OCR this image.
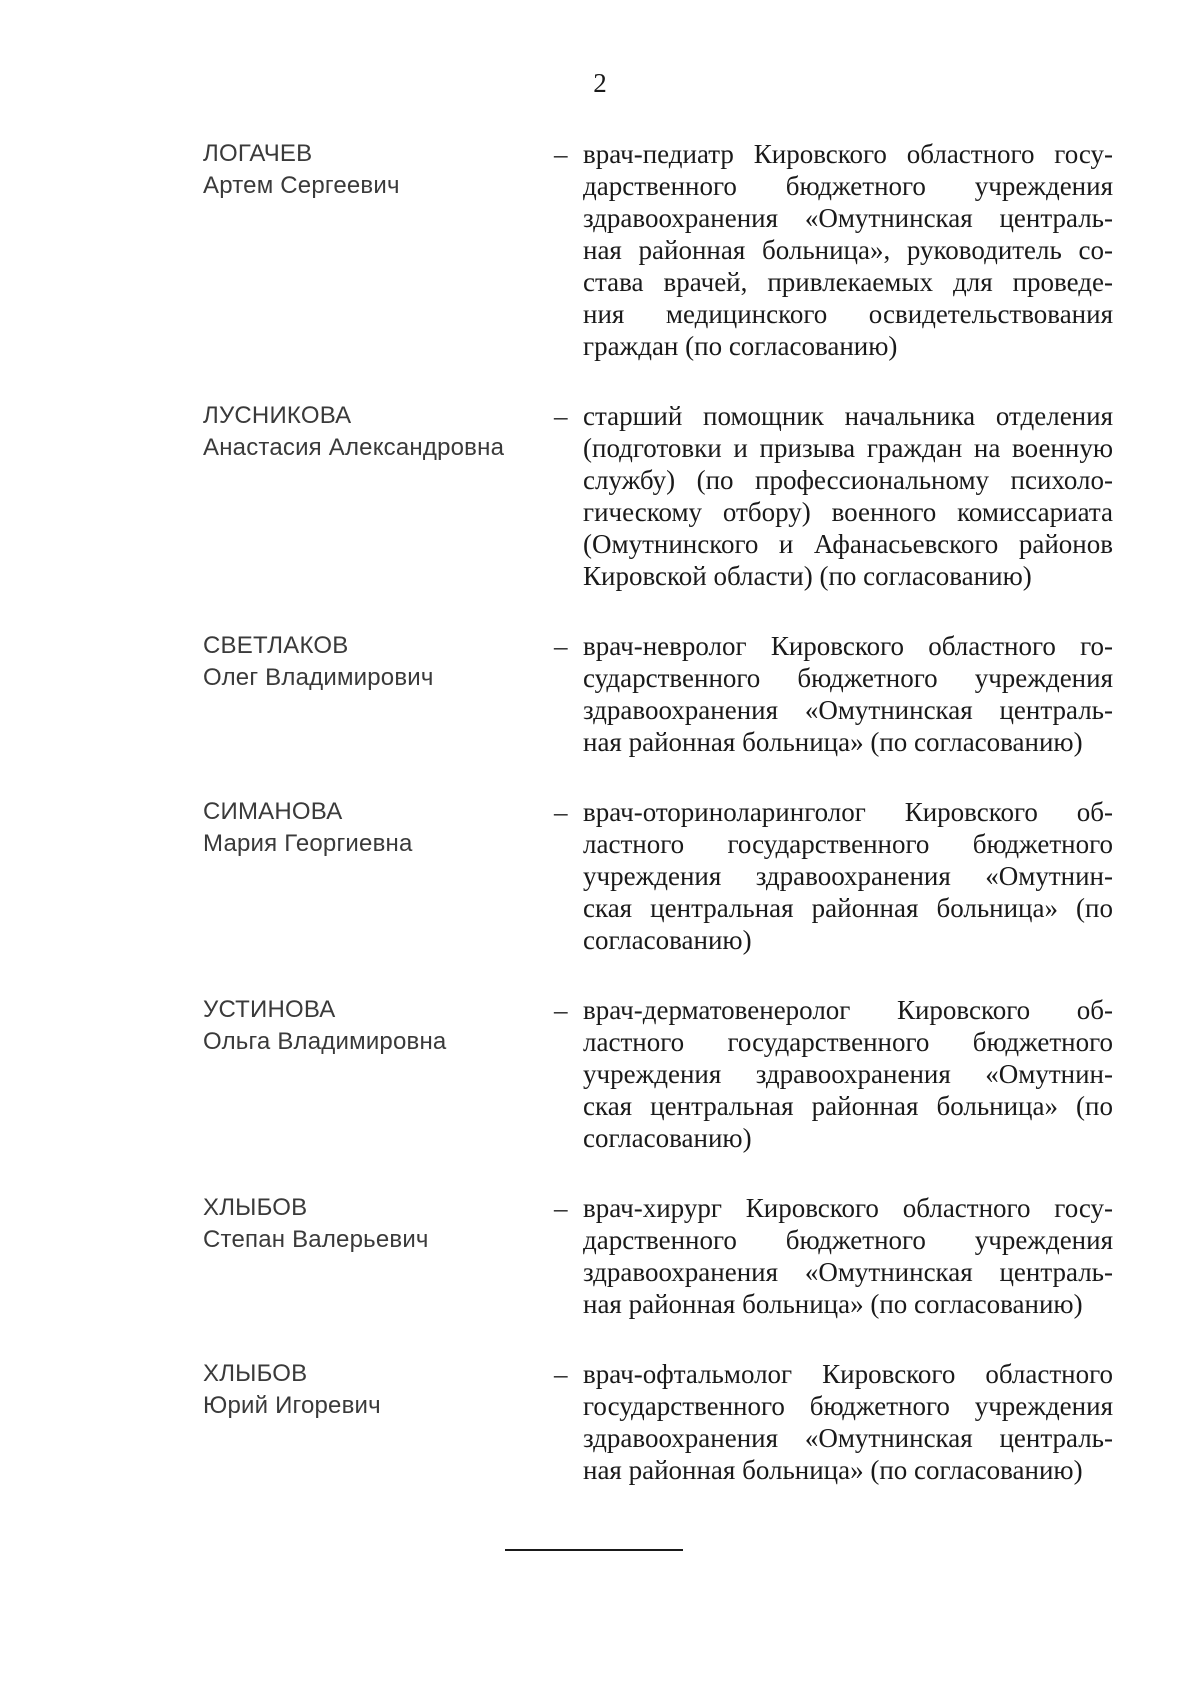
2
ЛОГАЧЕВ
Артем Сергеевич
– врач-педиатр Кировского областного госу-
дарственного бюджетного учреждения
здравоохранения «Омутнинская централь-
ная районная больница», руководитель со-
става врачей, привлекаемых для проведе-
ния медицинского освидетельствования
граждан (по согласованию)
ЛУСНИКОВА
Анастасия Александровна
– старший помощник начальника отделения
(подготовки и призыва граждан на военную
службу) (по профессиональному психоло-
гическому отбору) военного комиссариата
(Омутнинского и Афанасьевского районов
Кировской области) (по согласованию)
СВЕТЛАКОВ
Олег Владимирович
– врач-невролог Кировского областного го-
сударственного бюджетного учреждения
здравоохранения «Омутнинская централь-
ная районная больница» (по согласованию)
СИМАНОВА
Мария Георгиевна
– врач-оториноларинголог Кировского об-
ластного государственного бюджетного
учреждения здравоохранения «Омутнин-
ская центральная районная больница» (по
согласованию)
УСТИНОВА
Ольга Владимировна
– врач-дерматовенеролог Кировского об-
ластного государственного бюджетного
учреждения здравоохранения «Омутнин-
ская центральная районная больница» (по
согласованию)
ХЛЫБОВ
Степан Валерьевич
– врач-хирург Кировского областного госу-
дарственного бюджетного учреждения
здравоохранения «Омутнинская централь-
ная районная больница» (по согласованию)
ХЛЫБОВ
Юрий Игоревич
– врач-офтальмолог Кировского областного
государственного бюджетного учреждения
здравоохранения «Омутнинская централь-
ная районная больница» (по согласованию)
